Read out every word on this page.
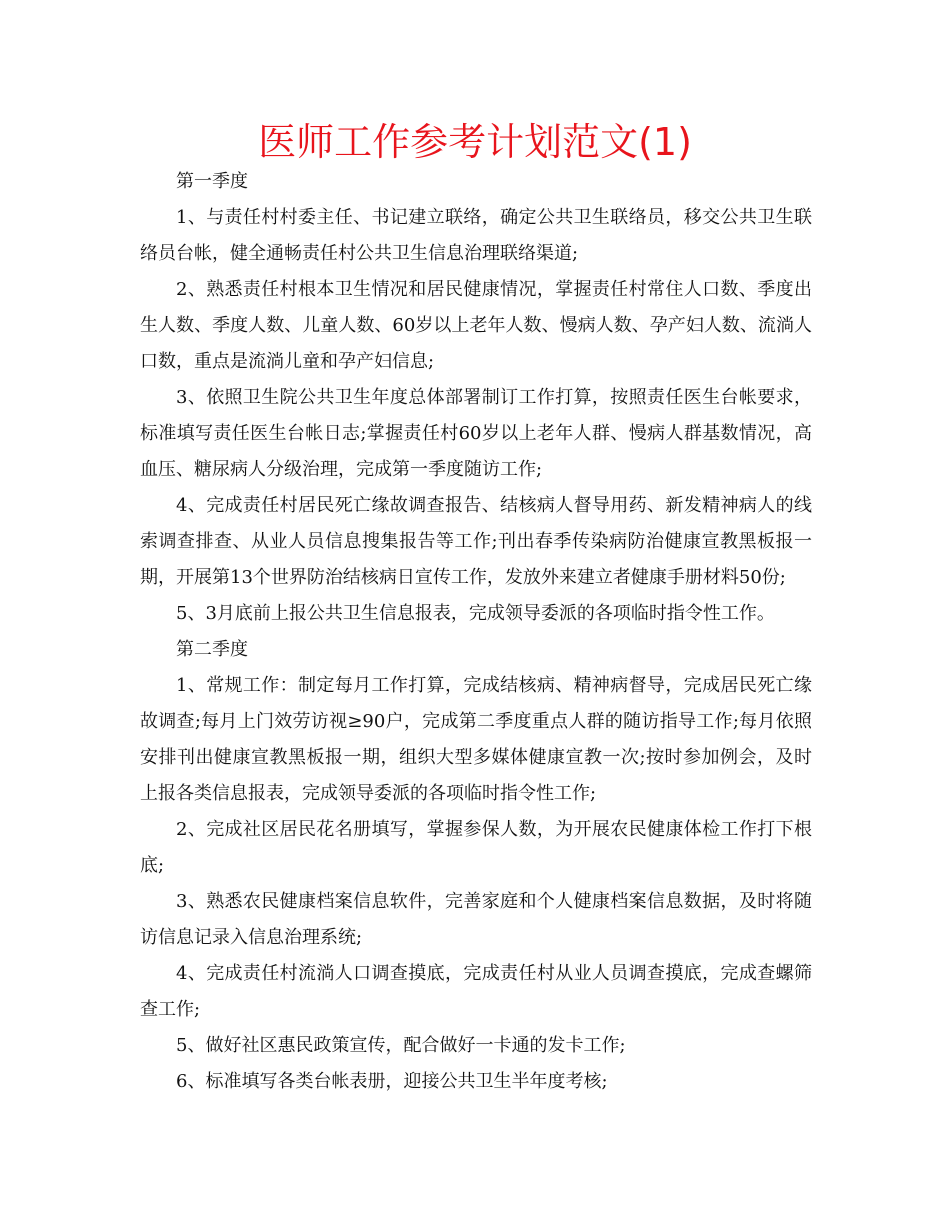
医师工作参考计划范文(1)

第一季度

1、与责任村村委主任、书记建立联络，确定公共卫生联络员，移交公共卫生联络员台帐，健全通畅责任村公共卫生信息治理联络渠道;

2、熟悉责任村根本卫生情况和居民健康情况，掌握责任村常住人口数、季度出生人数、季度人数、儿童人数、60岁以上老年人数、慢病人数、孕产妇人数、流淌人口数，重点是流淌儿童和孕产妇信息;

3、依照卫生院公共卫生年度总体部署制订工作打算，按照责任医生台帐要求，标准填写责任医生台帐日志;掌握责任村60岁以上老年人群、慢病人群基数情况，高血压、糖尿病人分级治理，完成第一季度随访工作;

4、完成责任村居民死亡缘故调查报告、结核病人督导用药、新发精神病人的线索调查排查、从业人员信息搜集报告等工作;刊出春季传染病防治健康宣教黑板报一期，开展第13个世界防治结核病日宣传工作，发放外来建立者健康手册材料50份;

5、3月底前上报公共卫生信息报表，完成领导委派的各项临时指令性工作。

第二季度

1、常规工作：制定每月工作打算，完成结核病、精神病督导，完成居民死亡缘故调查;每月上门效劳访视≥90户，完成第二季度重点人群的随访指导工作;每月依照安排刊出健康宣教黑板报一期，组织大型多媒体健康宣教一次;按时参加例会，及时上报各类信息报表，完成领导委派的各项临时指令性工作;

2、完成社区居民花名册填写，掌握参保人数，为开展农民健康体检工作打下根底;

3、熟悉农民健康档案信息软件，完善家庭和个人健康档案信息数据，及时将随访信息记录入信息治理系统;

4、完成责任村流淌人口调查摸底，完成责任村从业人员调查摸底，完成查螺筛查工作;

5、做好社区惠民政策宣传，配合做好一卡通的发卡工作;

6、标准填写各类台帐表册，迎接公共卫生半年度考核;
